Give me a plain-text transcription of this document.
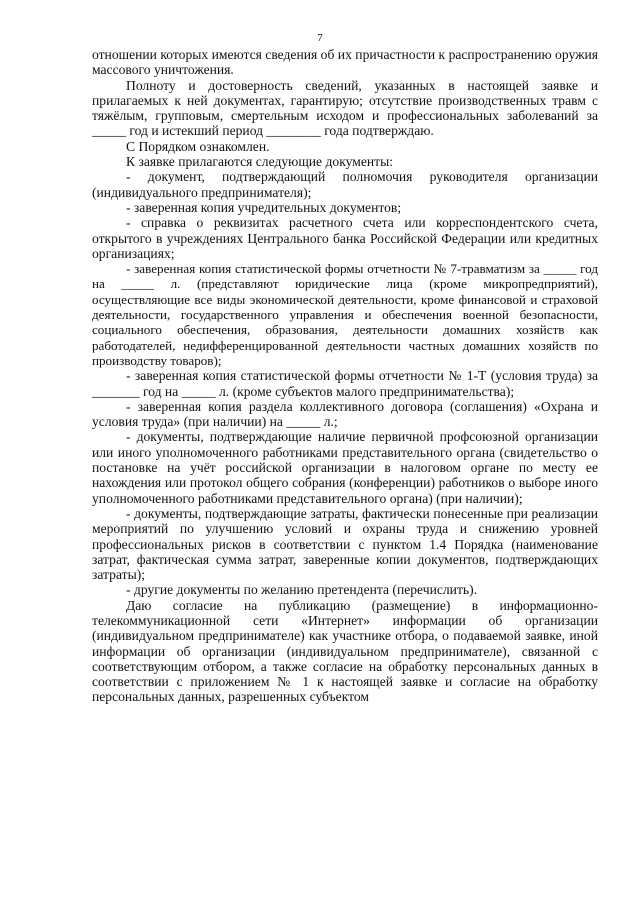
7

отношении которых имеются сведения об их причастности к распространению оружия массового уничтожения.

Полноту и достоверность сведений, указанных в настоящей заявке и прилагаемых к ней документах, гарантирую; отсутствие производственных травм с тяжёлым, групповым, смертельным исходом и профессиональных заболеваний за _____ год и истекший период ________ года подтверждаю.

С Порядком ознакомлен.

К заявке прилагаются следующие документы:

- документ, подтверждающий полномочия руководителя организации (индивидуального предпринимателя);

- заверенная копия учредительных документов;

- справка о реквизитах расчетного счета или корреспондентского счета, открытого в учреждениях Центрального банка Российской Федерации или кредитных организациях;

- заверенная копия статистической формы отчетности № 7-травматизм за _____ год на _____ л. (представляют юридические лица (кроме микропредприятий), осуществляющие все виды экономической деятельности, кроме финансовой и страховой деятельности, государственного управления и обеспечения военной безопасности, социального обеспечения, образования, деятельности домашних хозяйств как работодателей, недифференцированной деятельности частных домашних хозяйств по производству товаров);

- заверенная копия статистической формы отчетности № 1-Т (условия труда) за _______ год на _____ л. (кроме субъектов малого предпринимательства);

- заверенная копия раздела коллективного договора (соглашения) «Охрана и условия труда» (при наличии) на _____ л.;

- документы, подтверждающие наличие первичной профсоюзной организации или иного уполномоченного работниками представительного органа (свидетельство о постановке на учёт российской организации в налоговом органе по месту ее нахождения или протокол общего собрания (конференции) работников о выборе иного уполномоченного работниками представительного органа) (при наличии);

- документы, подтверждающие затраты, фактически понесенные при реализации мероприятий по улучшению условий и охраны труда и снижению уровней профессиональных рисков в соответствии с пунктом 1.4 Порядка (наименование затрат, фактическая сумма затрат, заверенные копии документов, подтверждающих затраты);

- другие документы по желанию претендента (перечислить).

Даю согласие на публикацию (размещение) в информационно-телекоммуникационной сети «Интернет» информации об организации (индивидуальном предпринимателе) как участнике отбора, о подаваемой заявке, иной информации об организации (индивидуальном предпринимателе), связанной с соответствующим отбором, а также согласие на обработку персональных данных в соответствии с приложением № 1 к настоящей заявке и согласие на обработку персональных данных, разрешенных субъектом
